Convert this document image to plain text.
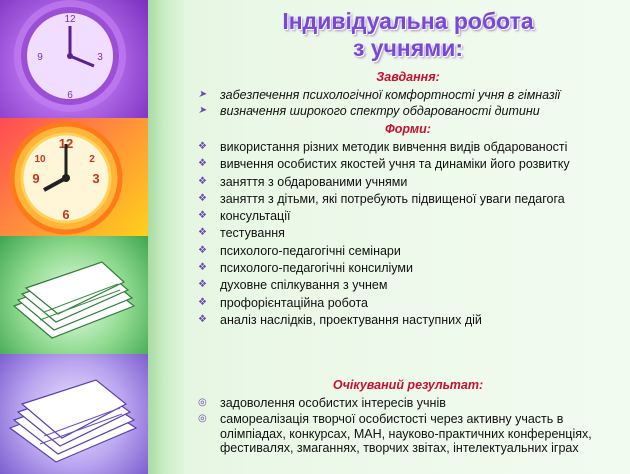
12
3
6
9
12
3
6
9
10	2
Індивідуальна робота
з учнями:
Завдання:
➤ забезпечення психологічної комфортності учня в гімназії
➤ визначення широкого спектру обдарованості дитини
Форми:
❖ використання різних методик вивчення видів обдарованості
❖ вивчення особистих якостей учня та динаміки його розвитку
❖ заняття з обдарованими учнями
❖ заняття з дітьми, які потребують підвищеної уваги педагога
❖ консультації
❖ тестування
❖ психолого-педагогічні семінари
❖ психолого-педагогічні консиліуми
❖ духовне спілкування з учнем
❖ профорієнтаційна робота
❖ аналіз наслідків, проектування наступних дій
Очікуваний результат:
◎ задоволення особистих інтересів учнів
◎ самореалізація творчої особистості через активну участь в олімпіадах, конкурсах, МАН, науково-практичних конференціях, фестивалях, змаганнях, творчих звітах, інтелектуальних іграх
